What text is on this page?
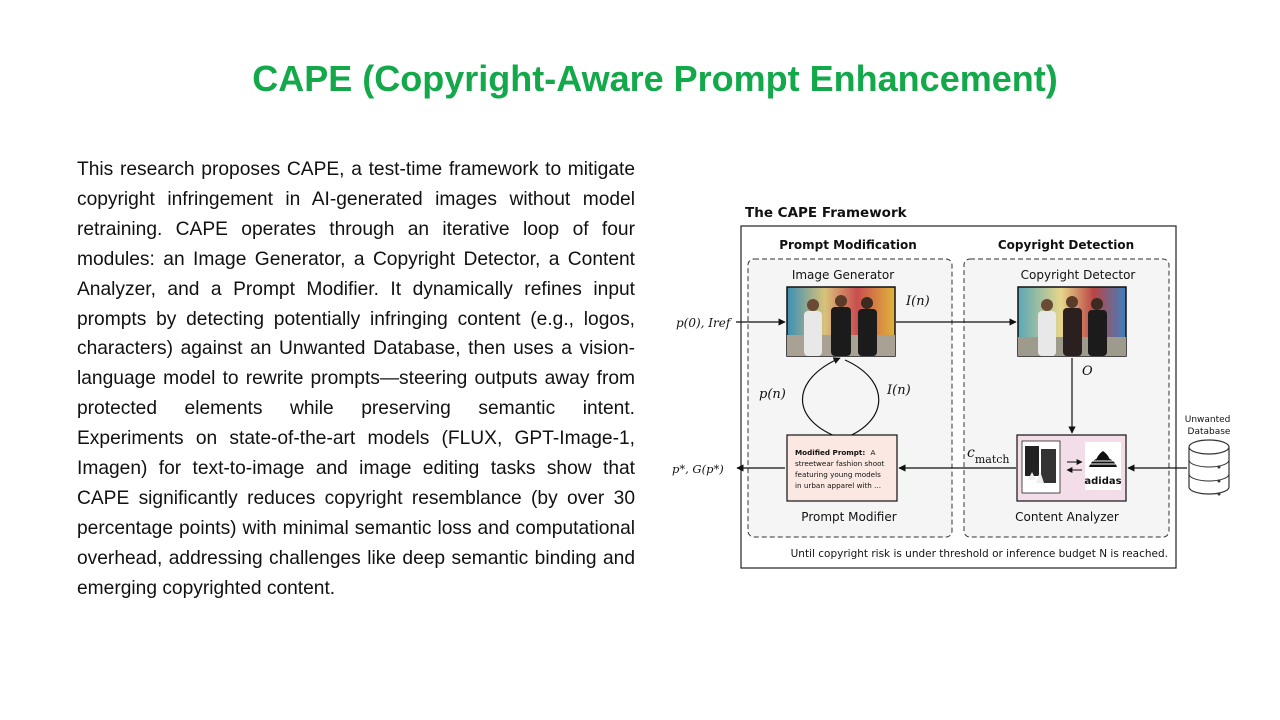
CAPE (Copyright-Aware Prompt Enhancement)

This research proposes CAPE, a test-time framework to mitigate copyright infringement in AI-generated images without model retraining. CAPE operates through an iterative loop of four modules: an Image Generator, a Copyright Detector, a Content Analyzer, and a Prompt Modifier. It dynamically refines input prompts by detecting potentially infringing content (e.g., logos, characters) against an Unwanted Database, then uses a vision-language model to rewrite prompts—steering outputs away from protected elements while preserving semantic intent. Experiments on state-of-the-art models (FLUX, GPT-Image-1, Imagen) for text-to-image and image editing tasks show that CAPE significantly reduces copyright resemblance (by over 30 percentage points) with minimal semantic loss and computational overhead, addressing challenges like deep semantic binding and emerging copyrighted content.

The CAPE Framework
Prompt Modification	Copyright Detection
Image Generator	Copyright Detector
Prompt Modifier	Content Analyzer
p(0), Iref
I(n)
p(n)	I(n)
O
Modified Prompt: A streetwear fashion shoot featuring young models in urban apparel with ...	adidas
$c_{match}$
p*, G(p*)
Unwanted Database
Until copyright risk is under threshold or inference budget N is reached.
